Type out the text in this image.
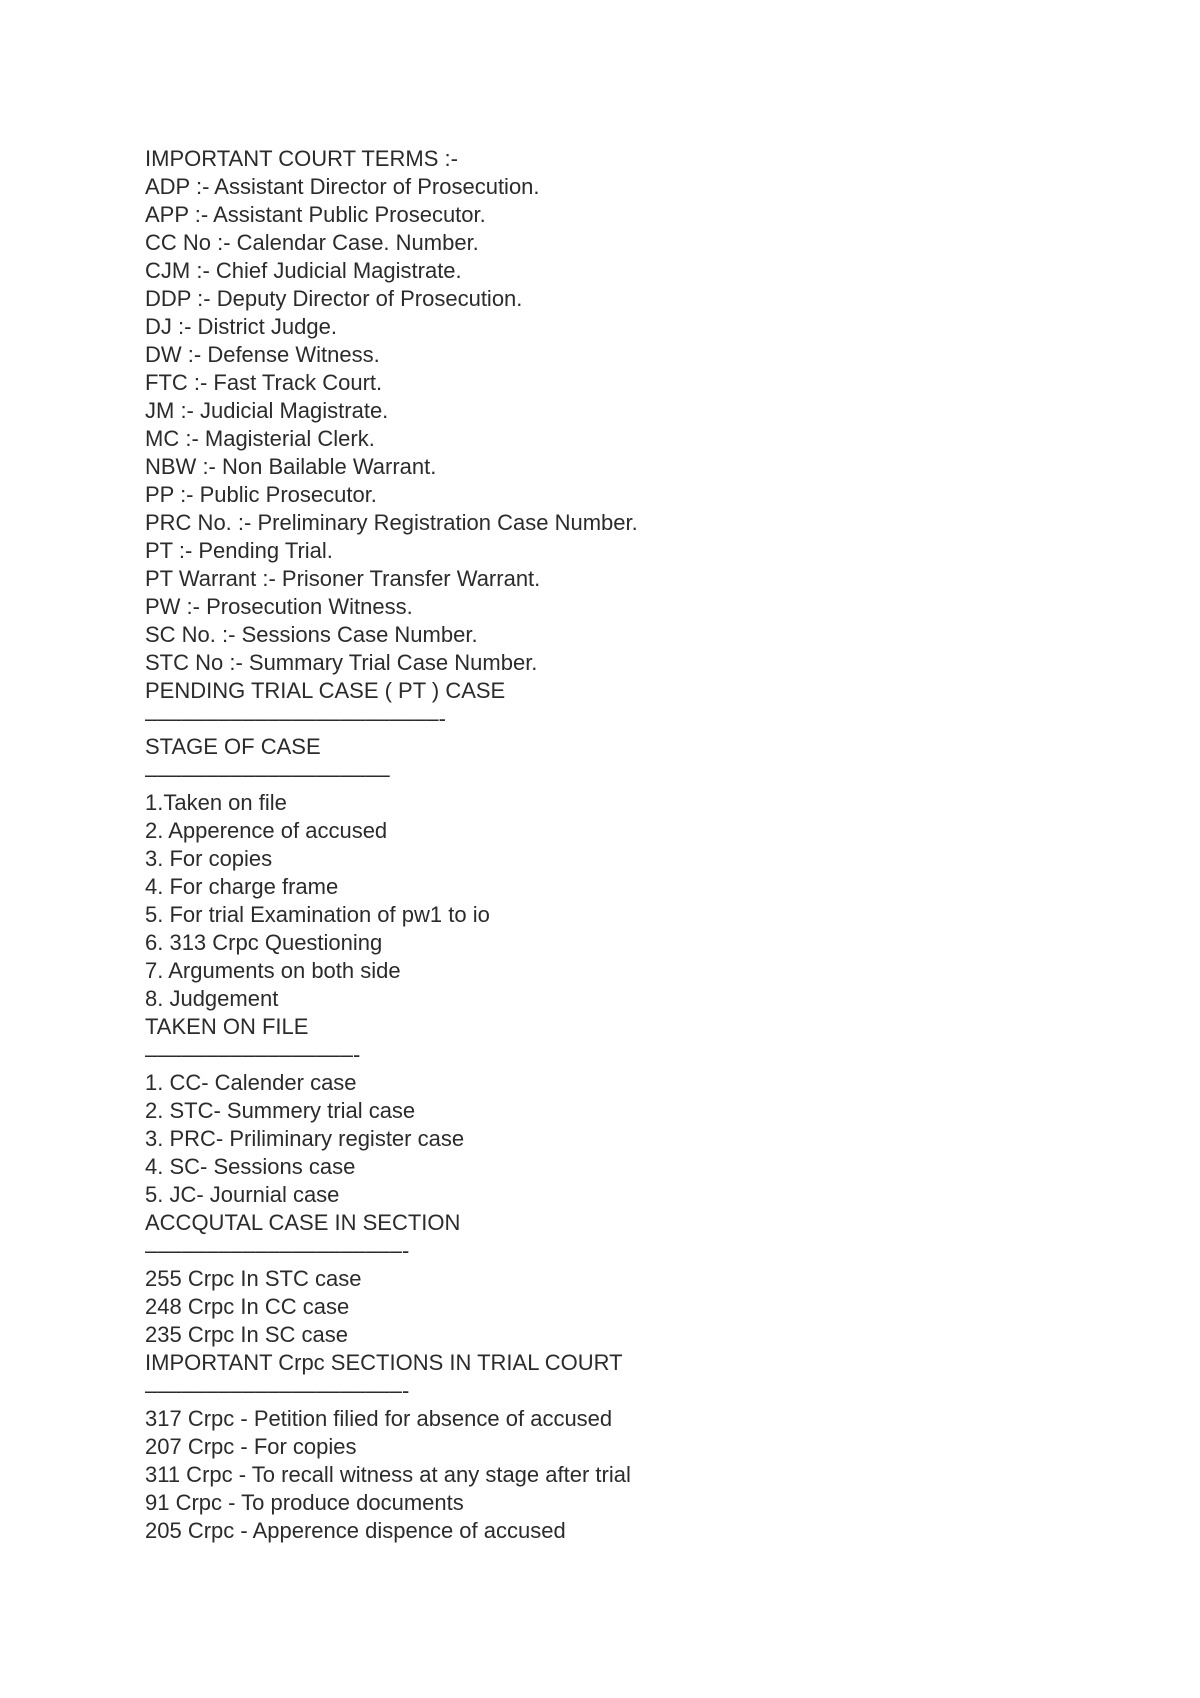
IMPORTANT COURT TERMS :-
ADP :- Assistant Director of Prosecution.
APP :- Assistant Public Prosecutor.
CC No :- Calendar Case. Number.
CJM :- Chief Judicial Magistrate.
DDP :- Deputy Director of Prosecution.
DJ :- District Judge.
DW :- Defense Witness.
FTC :- Fast Track Court.
JM :- Judicial Magistrate.
MC :- Magisterial Clerk.
NBW :- Non Bailable Warrant.
PP :- Public Prosecutor.
PRC No. :- Preliminary Registration Case Number.
PT :- Pending Trial.
PT Warrant :- Prisoner Transfer Warrant.
PW :- Prosecution Witness.
SC No. :- Sessions Case Number.
STC No :- Summary Trial Case Number.
PENDING TRIAL CASE ( PT ) CASE
––––––––––––––––––––––––-
STAGE OF CASE
––––––––––––––––––––
1.Taken on file
2. Apperence of accused
3. For copies
4. For charge frame
5. For trial Examination of pw1 to io
6. 313 Crpc Questioning
7. Arguments on both side
8. Judgement
TAKEN ON FILE
–––––––––––––––––-
1. CC- Calender case
2. STC- Summery trial case
3. PRC- Priliminary register case
4. SC- Sessions case
5. JC- Journial case
ACCQUTAL CASE IN SECTION
–––––––––––––––––––––-
255 Crpc In STC case
248 Crpc In CC case
235 Crpc In SC case
IMPORTANT Crpc SECTIONS IN TRIAL COURT
–––––––––––––––––––––-
317 Crpc - Petition filied for absence of accused
207 Crpc - For copies
311 Crpc - To recall witness at any stage after trial
91 Crpc - To produce documents
205 Crpc - Apperence dispence of accused
